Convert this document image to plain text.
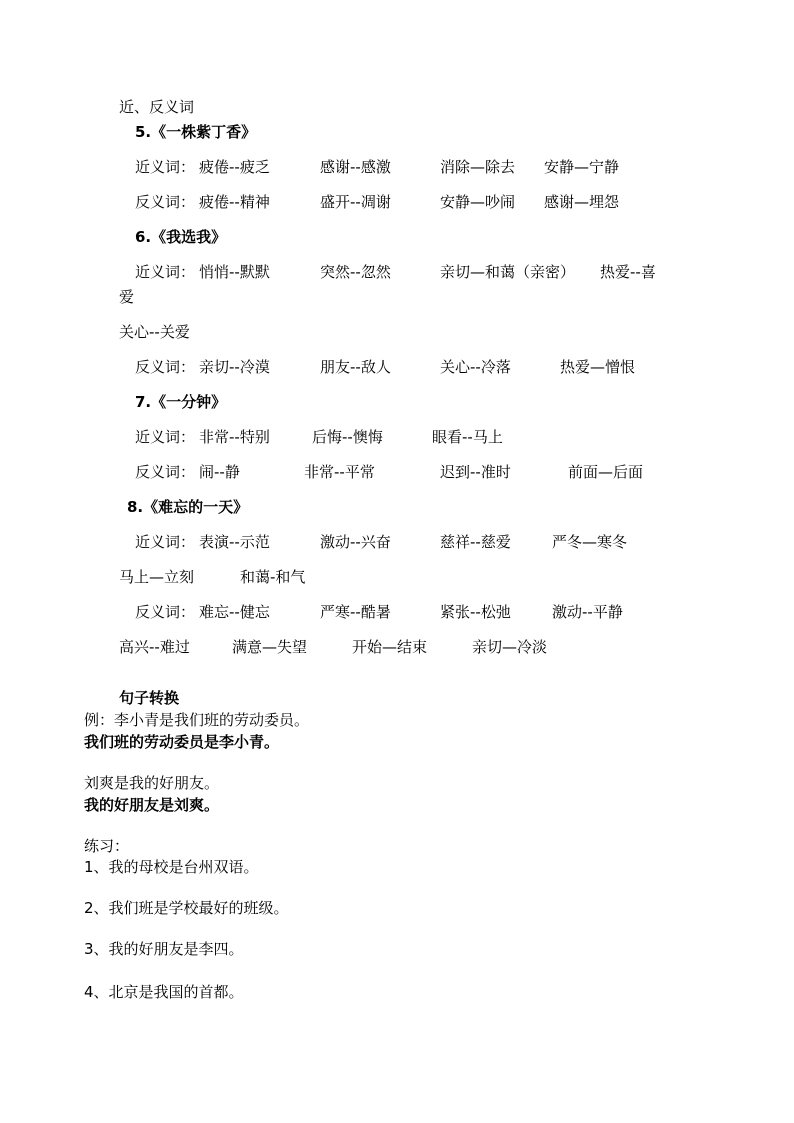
近、反义词
5.《一株紫丁香》
近义词： 疲倦--疲乏	感谢--感激	消除—除去 安静—宁静
反义词： 疲倦--精神	盛开--凋谢	安静—吵闹 感谢—埋怨
6.《我选我》
近义词： 悄悄--默默	突然--忽然	亲切—和蔼（亲密） 热爱--喜
爱
关心--关爱
反义词： 亲切--冷漠	朋友--敌人	关心--冷落	热爱—憎恨
7.《一分钟》
近义词： 非常--特别	后悔--懊悔	眼看--马上
反义词： 闹--静	非常--平常	迟到--准时	前面—后面
8.《难忘的一天》
近义词： 表演--示范	激动--兴奋	慈祥--慈爱	严冬—寒冬
马上—立刻	和蔼-和气
反义词： 难忘--健忘	严寒--酷暑	紧张--松弛	激动--平静
高兴--难过	满意—失望	开始—结束	亲切—冷淡
句子转换
例：李小青是我们班的劳动委员。
我们班的劳动委员是李小青。
刘爽是我的好朋友。
我的好朋友是刘爽。
练习：
1、我的母校是台州双语。
2、我们班是学校最好的班级。
3、我的好朋友是李四。
4、北京是我国的首都。
